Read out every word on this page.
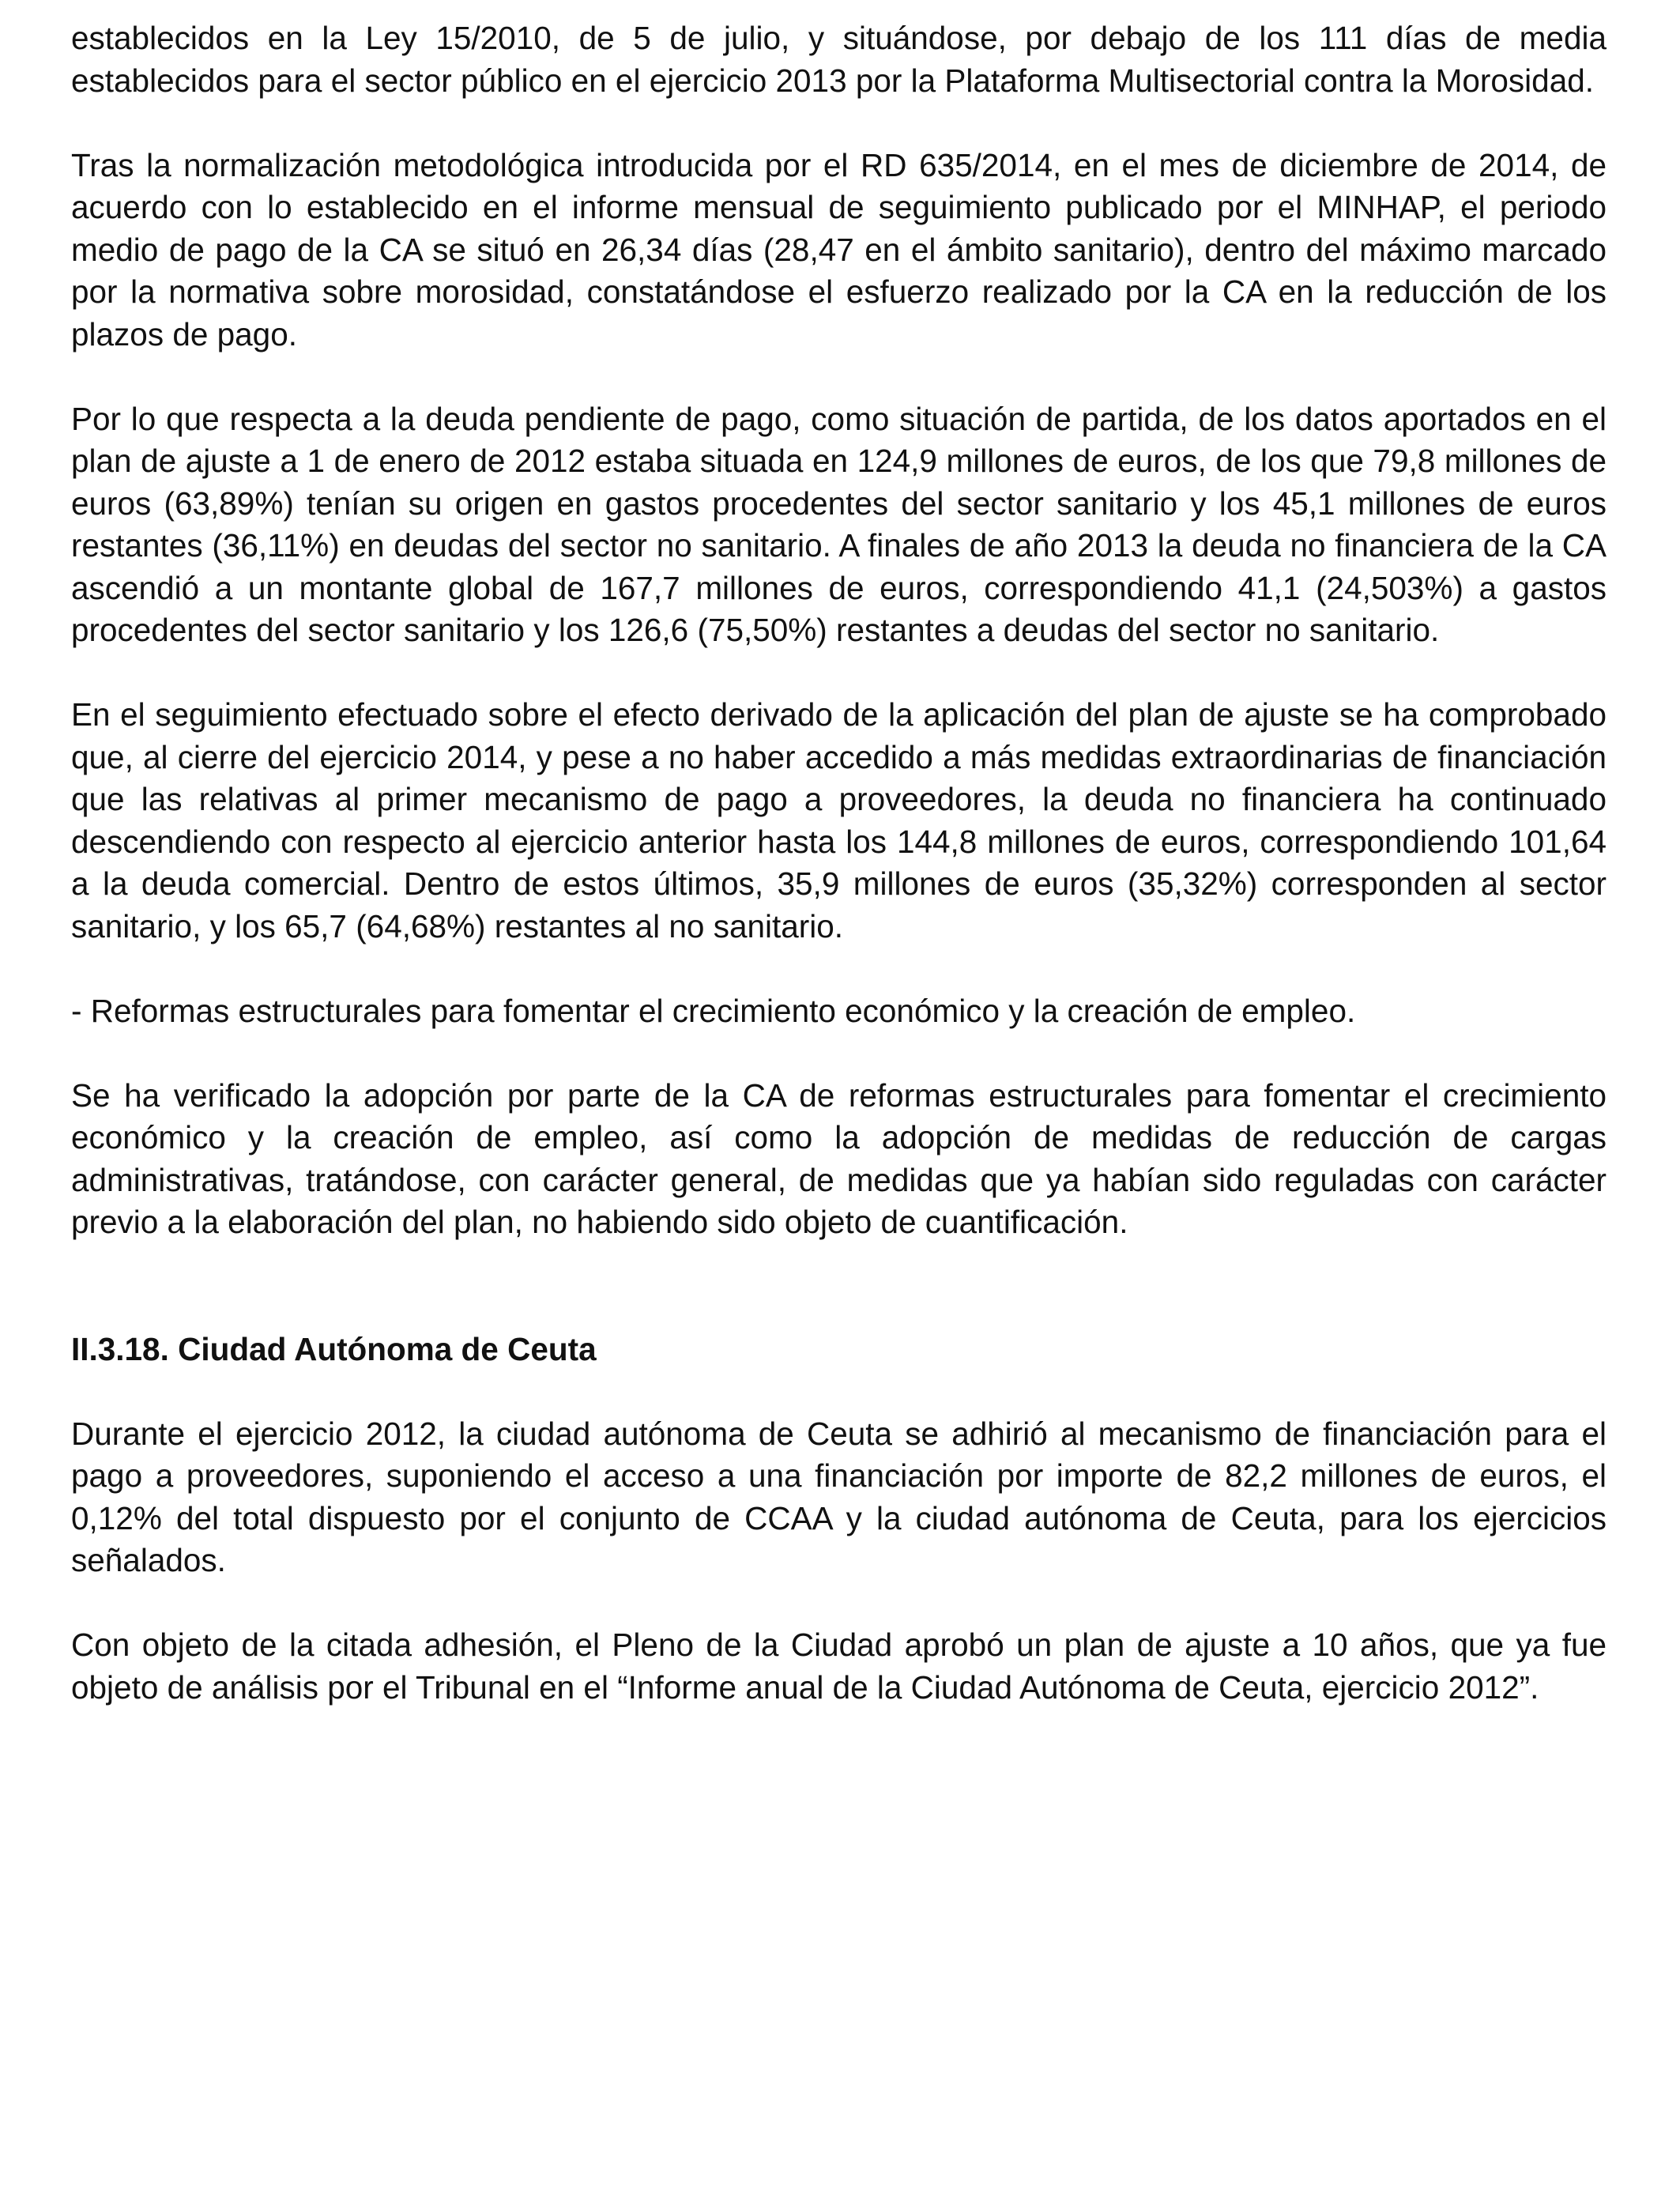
establecidos en la Ley 15/2010, de 5 de julio, y situándose, por debajo de los 111 días de media establecidos para el sector público en el ejercicio 2013 por la Plataforma Multisectorial contra la Morosidad.

Tras la normalización metodológica introducida por el RD 635/2014, en el mes de diciembre de 2014, de acuerdo con lo establecido en el informe mensual de seguimiento publicado por el MINHAP, el periodo medio de pago de la CA se situó en 26,34 días (28,47 en el ámbito sanitario), dentro del máximo marcado por la normativa sobre morosidad, constatándose el esfuerzo realizado por la CA en la reducción de los plazos de pago.

Por lo que respecta a la deuda pendiente de pago, como situación de partida, de los datos aportados en el plan de ajuste a 1 de enero de 2012 estaba situada en 124,9 millones de euros, de los que 79,8 millones de euros (63,89%) tenían su origen en gastos procedentes del sector sanitario y los 45,1 millones de euros restantes (36,11%) en deudas del sector no sanitario. A finales de año 2013 la deuda no financiera de la CA ascendió a un montante global de 167,7 millones de euros, correspondiendo 41,1 (24,503%) a gastos procedentes del sector sanitario y los 126,6 (75,50%) restantes a deudas del sector no sanitario.

En el seguimiento efectuado sobre el efecto derivado de la aplicación del plan de ajuste se ha comprobado que, al cierre del ejercicio 2014, y pese a no haber accedido a más medidas extraordinarias de financiación que las relativas al primer mecanismo de pago a proveedores, la deuda no financiera ha continuado descendiendo con respecto al ejercicio anterior hasta los 144,8 millones de euros, correspondiendo 101,64 a la deuda comercial. Dentro de estos últimos, 35,9 millones de euros (35,32%) corresponden al sector sanitario, y los 65,7 (64,68%) restantes al no sanitario.

- Reformas estructurales para fomentar el crecimiento económico y la creación de empleo.

Se ha verificado la adopción por parte de la CA de reformas estructurales para fomentar el crecimiento económico y la creación de empleo, así como la adopción de medidas de reducción de cargas administrativas, tratándose, con carácter general, de medidas que ya habían sido reguladas con carácter previo a la elaboración del plan, no habiendo sido objeto de cuantificación.

II.3.18. Ciudad Autónoma de Ceuta

Durante el ejercicio 2012, la ciudad autónoma de Ceuta se adhirió al mecanismo de financiación para el pago a proveedores, suponiendo el acceso a una financiación por importe de 82,2 millones de euros, el 0,12% del total dispuesto por el conjunto de CCAA y la ciudad autónoma de Ceuta, para los ejercicios señalados.

Con objeto de la citada adhesión, el Pleno de la Ciudad aprobó un plan de ajuste a 10 años, que ya fue objeto de análisis por el Tribunal en el “Informe anual de la Ciudad Autónoma de Ceuta, ejercicio 2012”.
